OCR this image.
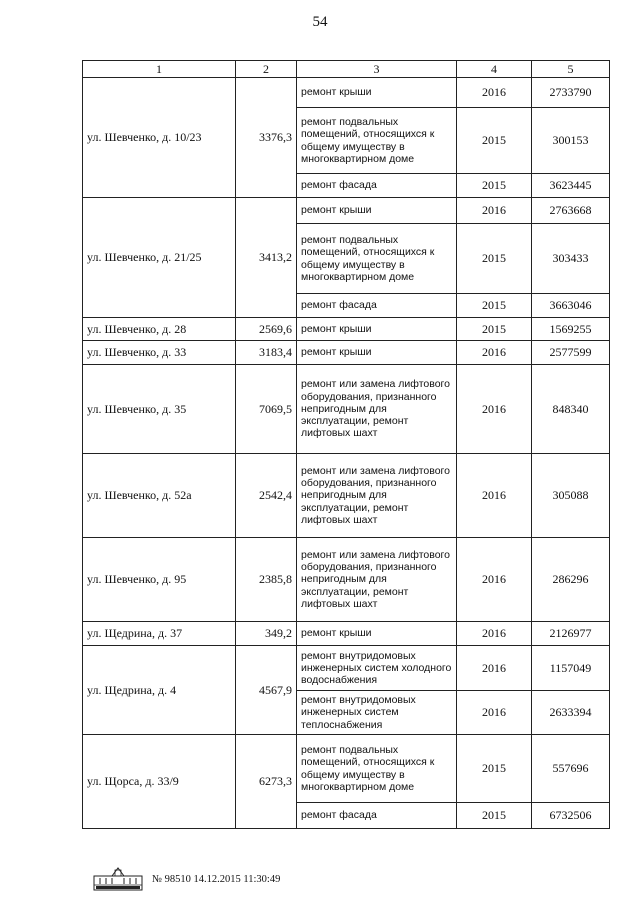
54
1	2	3	4	5
ул. Шевченко, д. 10/23	3376,3	ремонт крыши	2016	2733790
		ремонт подвальных помещений, относящихся к общему имуществу в многоквартирном доме	2015	300153
		ремонт фасада	2015	3623445
ул. Шевченко, д. 21/25	3413,2	ремонт крыши	2016	2763668
		ремонт подвальных помещений, относящихся к общему имуществу в многоквартирном доме	2015	303433
		ремонт фасада	2015	3663046
ул. Шевченко, д. 28	2569,6	ремонт крыши	2015	1569255
ул. Шевченко, д. 33	3183,4	ремонт крыши	2016	2577599
ул. Шевченко, д. 35	7069,5	ремонт или замена лифтового оборудования, признанного непригодным для эксплуатации, ремонт лифтовых шахт	2016	848340
ул. Шевченко, д. 52а	2542,4	ремонт или замена лифтового оборудования, признанного непригодным для эксплуатации, ремонт лифтовых шахт	2016	305088
ул. Шевченко, д. 95	2385,8	ремонт или замена лифтового оборудования, признанного непригодным для эксплуатации, ремонт лифтовых шахт	2016	286296
ул. Щедрина, д. 37	349,2	ремонт крыши	2016	2126977
ул. Щедрина, д. 4	4567,9	ремонт внутридомовых инженерных систем холодного водоснабжения	2016	1157049
		ремонт внутридомовых инженерных систем теплоснабжения	2016	2633394
ул. Щорса, д. 33/9	6273,3	ремонт подвальных помещений, относящихся к общему имуществу в многоквартирном доме	2015	557696
		ремонт фасада	2015	6732506
№ 98510 14.12.2015 11:30:49
